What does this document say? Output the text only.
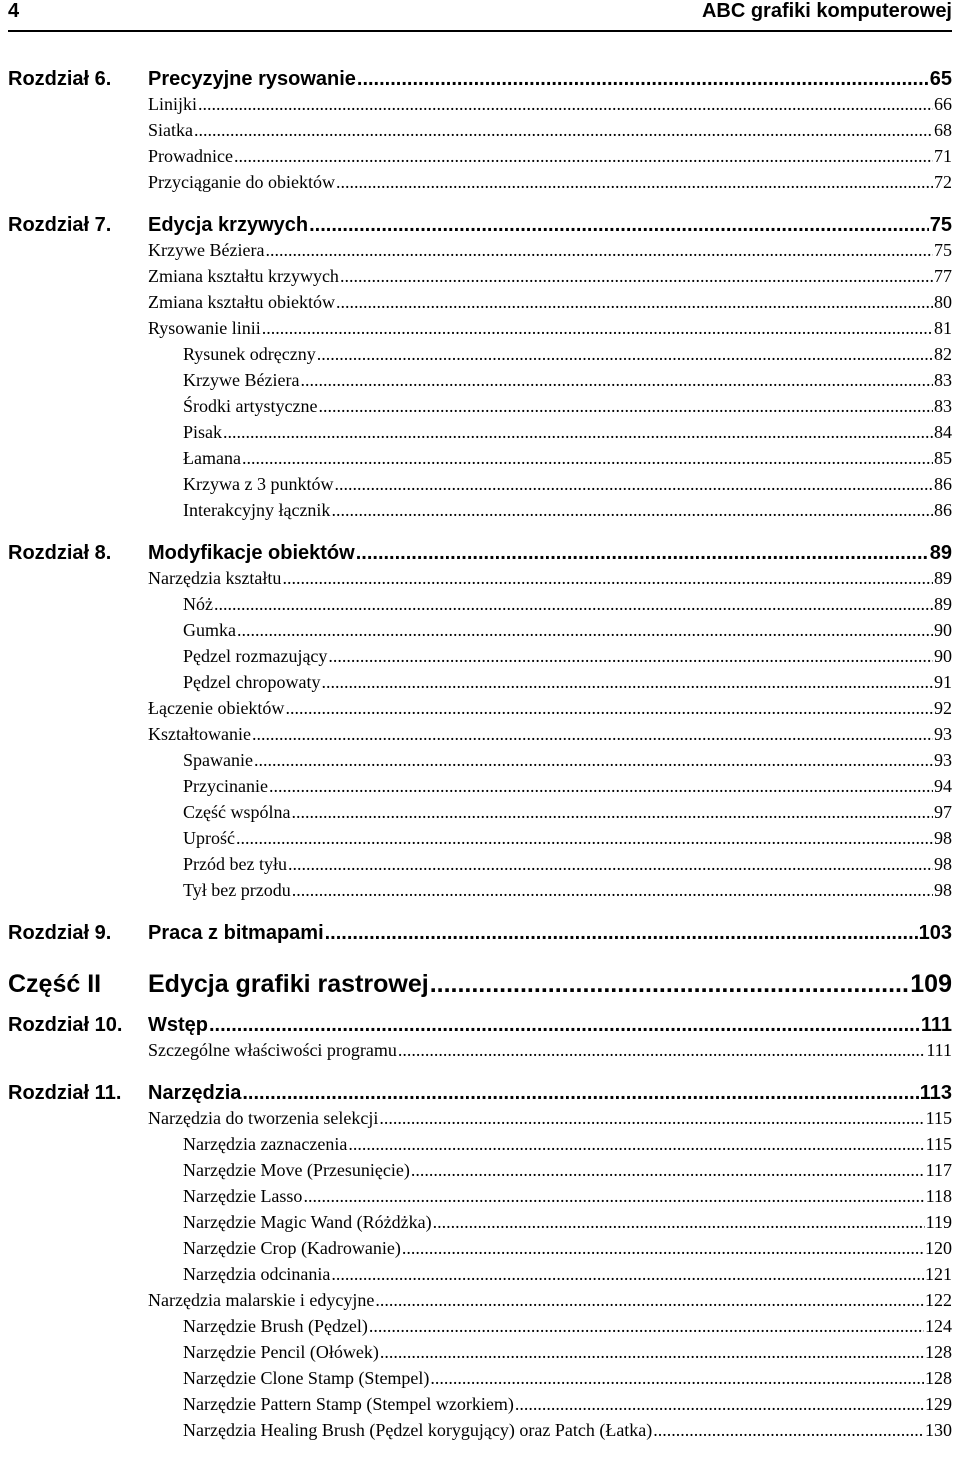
4	ABC grafiki komputerowej
Rozdział 6. Precyzyjne rysowanie .....	65
Linijki .....	66
Siatka .....	68
Prowadnice .....	71
Przyciąganie do obiektów .....	72
Rozdział 7. Edycja krzywych .....	75
Krzywe Béziera .....	75
Zmiana kształtu krzywych .....	77
Zmiana kształtu obiektów .....	80
Rysowanie linii .....	81
Rysunek odręczny .....	82
Krzywe Béziera .....	83
Środki artystyczne .....	83
Pisak .....	84
Łamana .....	85
Krzywa z 3 punktów .....	86
Interakcyjny łącznik .....	86
Rozdział 8. Modyfikacje obiektów .....	89
Narzędzia kształtu .....	89
Nóż .....	89
Gumka .....	90
Pędzel rozmazujący .....	90
Pędzel chropowaty .....	91
Łączenie obiektów .....	92
Kształtowanie .....	93
Spawanie .....	93
Przycinanie .....	94
Część wspólna .....	97
Uprość .....	98
Przód bez tyłu .....	98
Tył bez przodu .....	98
Rozdział 9. Praca z bitmapami .....	103
Część II Edycja grafiki rastrowej .....	109
Rozdział 10. Wstęp .....	111
Szczególne właściwości programu .....	111
Rozdział 11. Narzędzia .....	113
Narzędzia do tworzenia selekcji .....	115
Narzędzia zaznaczenia .....	115
Narzędzie Move (Przesunięcie) .....	117
Narzędzie Lasso .....	118
Narzędzie Magic Wand (Różdżka) .....	119
Narzędzie Crop (Kadrowanie) .....	120
Narzędzia odcinania .....	121
Narzędzia malarskie i edycyjne .....	122
Narzędzie Brush (Pędzel) .....	124
Narzędzie Pencil (Ołówek) .....	128
Narzędzie Clone Stamp (Stempel) .....	128
Narzędzie Pattern Stamp (Stempel wzorkiem) .....	129
Narzędzia Healing Brush (Pędzel korygujący) oraz Patch (Łatka) .....	130
